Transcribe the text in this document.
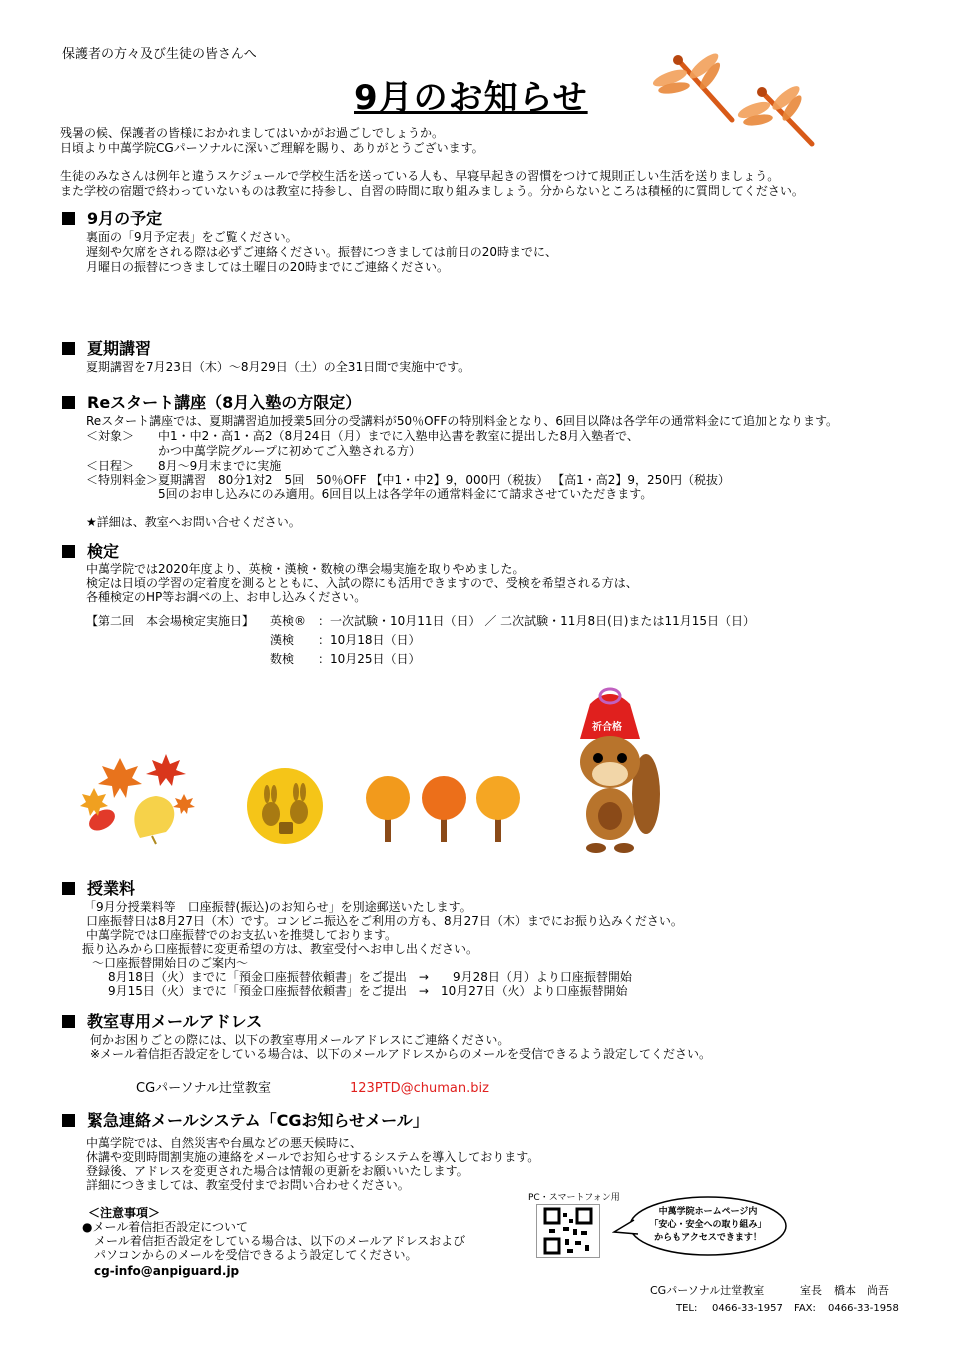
保護者の方々及び生徒の皆さんへ
9月のお知らせ
残暑の候、保護者の皆様におかれましてはいかがお過ごしでしょうか。
日頃より中萬学院CGパーソナルに深いご理解を賜り、ありがとうございます。
生徒のみなさんは例年と違うスケジュールで学校生活を送っている人も、早寝早起きの習慣をつけて規則正しい生活を送りましょう。
また学校の宿題で終わっていないものは教室に持参し、自習の時間に取り組みましょう。分からないところは積極的に質問してください。
9月の予定
裏面の「9月予定表」をご覧ください。
遅刻や欠席をされる際は必ずご連絡ください。振替につきましては前日の20時までに、
月曜日の振替につきましては土曜日の20時までにご連絡ください。
夏期講習
夏期講習を7月23日（木）～8月29日（土）の全31日間で実施中です。
Reスタート講座（8月入塾の方限定）
Reスタート講座では、夏期講習追加授業5回分の受講料が50％OFFの特別料金となり、6回目以降は各学年の通常料金にて追加となります。
＜対象＞　　中1・中2・高1・高2（8月24日（月）までに入塾申込書を教室に提出した8月入塾者で、
　　　　　　かつ中萬学院グループに初めてご入塾される方）
＜日程＞　　8月～9月末までに実施
＜特別料金＞夏期講習　80分1対2　5回　50％OFF 【中1・中2】9，000円（税抜） 【高1・高2】9，250円（税抜）
　　　　　　5回のお申し込みにのみ適用。6回目以上は各学年の通常料金にて請求させていただきます。
★詳細は、教室へお問い合せください。
検定
中萬学院では2020年度より、英検・漢検・数検の準会場実施を取りやめました。
検定は日頃の学習の定着度を測るとともに、入試の際にも活用できますので、受検を希望される方は、
各種検定のHP等お調べの上、お申し込みください。
【第二回　本会場検定実施日】 英検® ：一次試験・10月11日（日） ／ 二次試験・11月8日(日)または11月15日（日）
漢検 ：10月18日（日）
数検 ：10月25日（日）
祈合格
授業料
「9月分授業料等　口座振替(振込)のお知らせ」を別途郵送いたします。
口座振替日は8月27日（木）です。コンビニ振込をご利用の方も、8月27日（木）までにお振り込みください。
中萬学院では口座振替でのお支払いを推奨しております。
振り込みから口座振替に変更希望の方は、教室受付へお申し出ください。
～口座振替開始日のご案内～
8月18日（火）までに「預金口座振替依頼書」をご提出　→　　9月28日（月）より口座振替開始
9月15日（火）までに「預金口座振替依頼書」をご提出　→　10月27日（火）より口座振替開始
教室専用メールアドレス
何かお困りごとの際には、以下の教室専用メールアドレスにご連絡ください。
※メール着信拒否設定をしている場合は、以下のメールアドレスからのメールを受信できるよう設定してください。
CGパーソナル辻堂教室	123PTD@chuman.biz
緊急連絡メールシステム「CGお知らせメール」
中萬学院では、自然災害や台風などの悪天候時に、
休講や変則時間割実施の連絡をメールでお知らせするシステムを導入しております。
登録後、アドレスを変更された場合は情報の更新をお願いいたします。
詳細につきましては、教室受付までお問い合わせください。
＜注意事項＞
●メール着信拒否設定について
メール着信拒否設定をしている場合は、以下のメールアドレスおよび
パソコンからのメールを受信できるよう設定してください。
cg-info@anpiguard.jp
PC・スマートフォン用
中萬学院ホームページ内
「安心・安全への取り組み」
からもアクセスできます！
CGパーソナル辻堂教室	室長 橋本　尚吾
TEL: 0466-33-1957 FAX: 0466-33-1958
